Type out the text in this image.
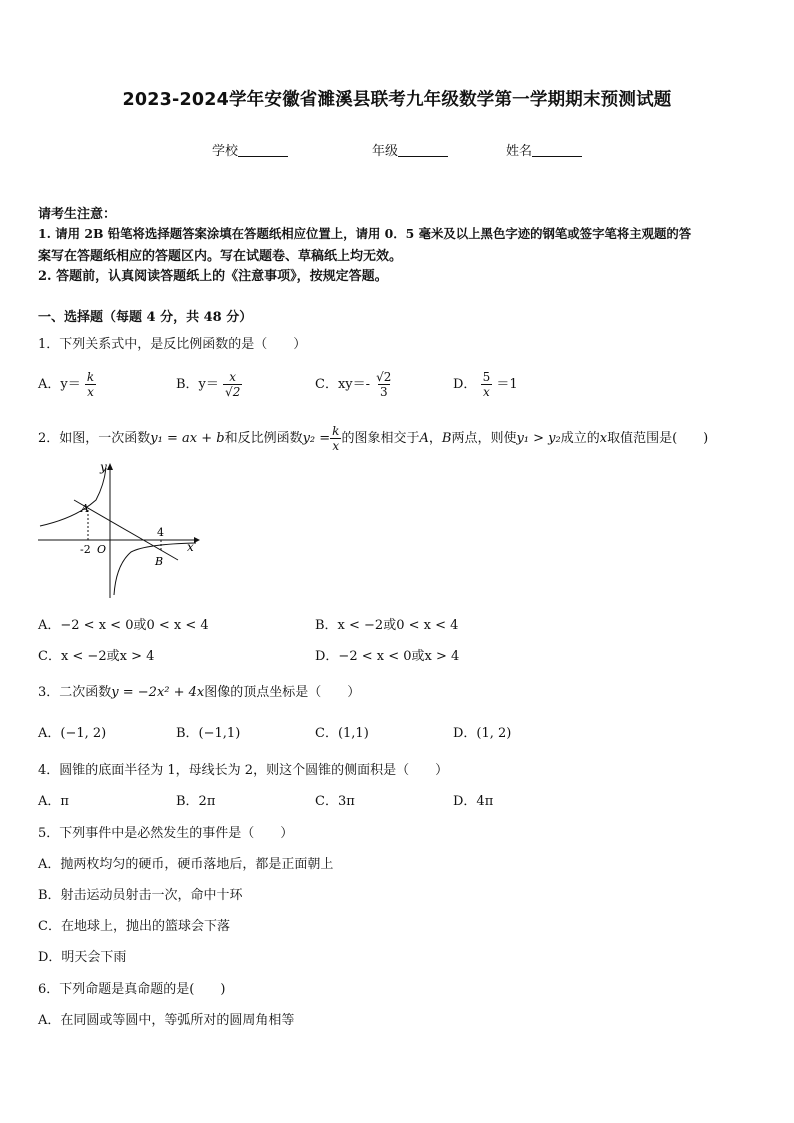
2023-2024学年安徽省濉溪县联考九年级数学第一学期期末预测试题
学校	年级	姓名
请考生注意：
1. 请用 2B 铅笔将选择题答案涂填在答题纸相应位置上，请用 0．5 毫米及以上黑色字迹的钢笔或签字笔将主观题的答
案写在答题纸相应的答题区内。写在试题卷、草稿纸上均无效。
2. 答题前，认真阅读答题纸上的《注意事项》，按规定答题。
一、选择题（每题 4 分，共 48 分）
1．下列关系式中，是反比例函数的是（　　）
A．$y= \frac{k}{x}$	B．$y= \frac{x}{√2}$	C．$xy=- \frac{√2}{3}$	D． $\frac{5}{x} =1$
2．如图，一次函数y₁ = ax + b和反比例函数$y_2 = \frac{k}{x}$ 的图象相交于A，B两点，则使y₁ > y₂成立的x取值范围是(　　)
y
x
A
B
-2 O
4
A．−2 < x < 0或0 < x < 4	B．x < −2或0 < x < 4
C．x < −2或x > 4	D．−2 < x < 0或x > 4
3．二次函数y = −2x² + 4x图像的顶点坐标是（　　）
A．(−1, 2)	B．(−1,1)	C．(1,1)	D．(1, 2)
4．圆锥的底面半径为 1，母线长为 2，则这个圆锥的侧面积是（　　）
A．π	B．2π	C．3π	D．4π
5．下列事件中是必然发生的事件是（　　）
A．抛两枚均匀的硬币，硬币落地后，都是正面朝上
B．射击运动员射击一次，命中十环
C．在地球上，抛出的篮球会下落
D．明天会下雨
6．下列命题是真命题的是(　　)
A．在同圆或等圆中，等弧所对的圆周角相等
